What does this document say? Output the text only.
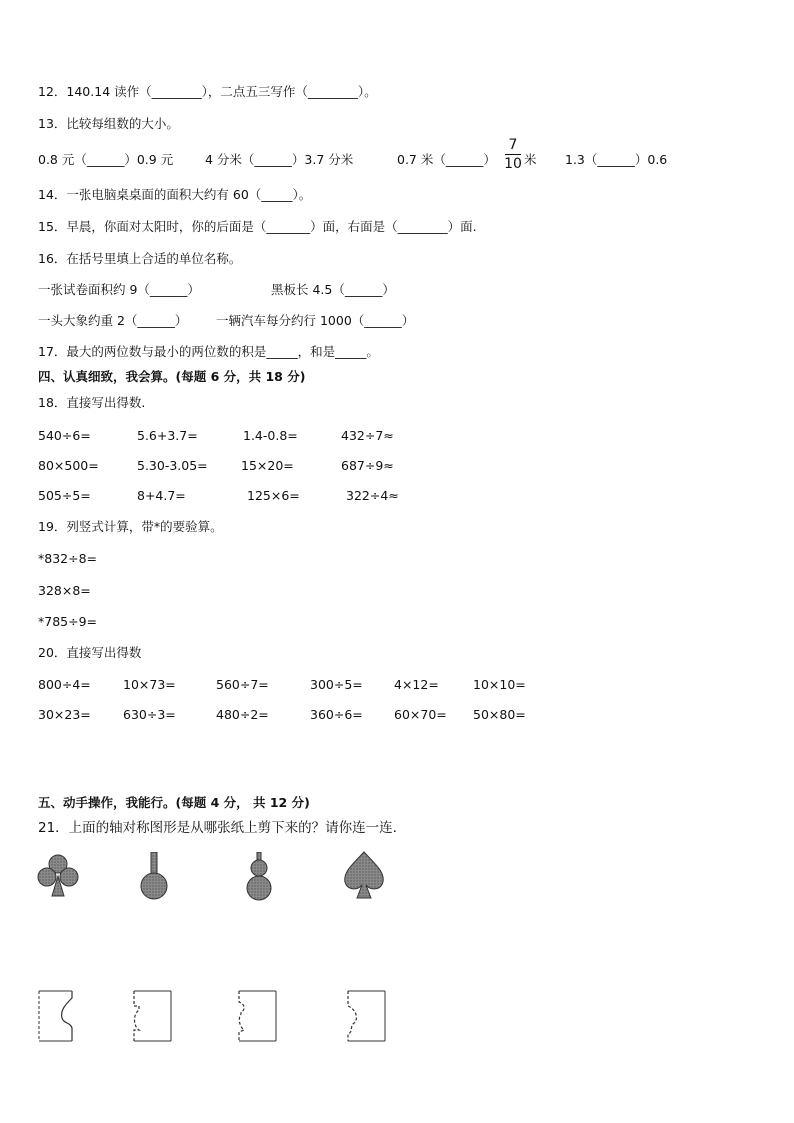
12．140.14 读作（________），二点五三写作（________）。
13．比较每组数的大小。
0.8 元（______）0.9 元	4 分米（______）3.7 分米	0.7 米（______）
7
10 米 1.3（______）0.6
14．一张电脑桌桌面的面积大约有 60（_____）。
15．早晨，你面对太阳时，你的后面是（_______）面，右面是（________）面.
16．在括号里填上合适的单位名称。
一张试卷面积约 9（______）	黑板长 4.5（______）
一头大象约重 2（______） 一辆汽车每分约行 1000（______）
17．最大的两位数与最小的两位数的积是_____，和是_____。
四、认真细致，我会算。(每题 6 分，共 18 分)
18．直接写出得数.
540÷6=	5.6+3.7=	1.4-0.8=	432÷7≈
80×500=	5.30-3.05=	15×20=	687÷9≈
505÷5=	8+4.7=	125×6=	322÷4≈
19．列竖式计算，带*的要验算。
*832÷8=
328×8=
*785÷9=
20．直接写出得数
800÷4=	10×73=	560÷7=	300÷5= 4×12=	10×10=
30×23=	630÷3=	480÷2=	360÷6= 60×70= 50×80=
五、动手操作，我能行。(每题 4 分， 共 12 分)
21．上面的轴对称图形是从哪张纸上剪下来的？请你连一连.
